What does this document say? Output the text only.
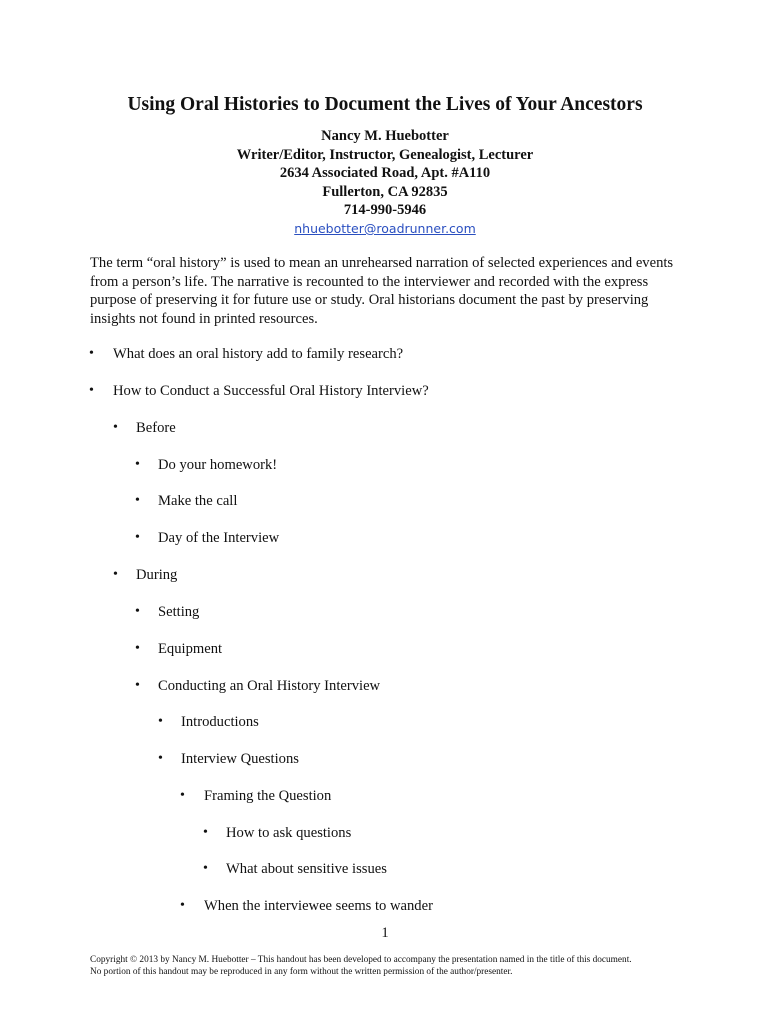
Using Oral Histories to Document the Lives of Your Ancestors
Nancy M. Huebotter
Writer/Editor, Instructor, Genealogist, Lecturer
2634 Associated Road, Apt. #A110
Fullerton, CA 92835
714-990-5946
nhuebotter@roadrunner.com

The term “oral history” is used to mean an unrehearsed narration of selected experiences and events from a person’s life. The narrative is recounted to the interviewer and recorded with the express purpose of preserving it for future use or study. Oral historians document the past by preserving insights not found in printed resources.

• What does an oral history add to family research?
• How to Conduct a Successful Oral History Interview?
• Before
• Do your homework!
• Make the call
• Day of the Interview
• During
• Setting
• Equipment
• Conducting an Oral History Interview
• Introductions
• Interview Questions
• Framing the Question
• How to ask questions
• What about sensitive issues
• When the interviewee seems to wander
1
Copyright © 2013 by Nancy M. Huebotter – This handout has been developed to accompany the presentation named in the title of this document.
No portion of this handout may be reproduced in any form without the written permission of the author/presenter.
